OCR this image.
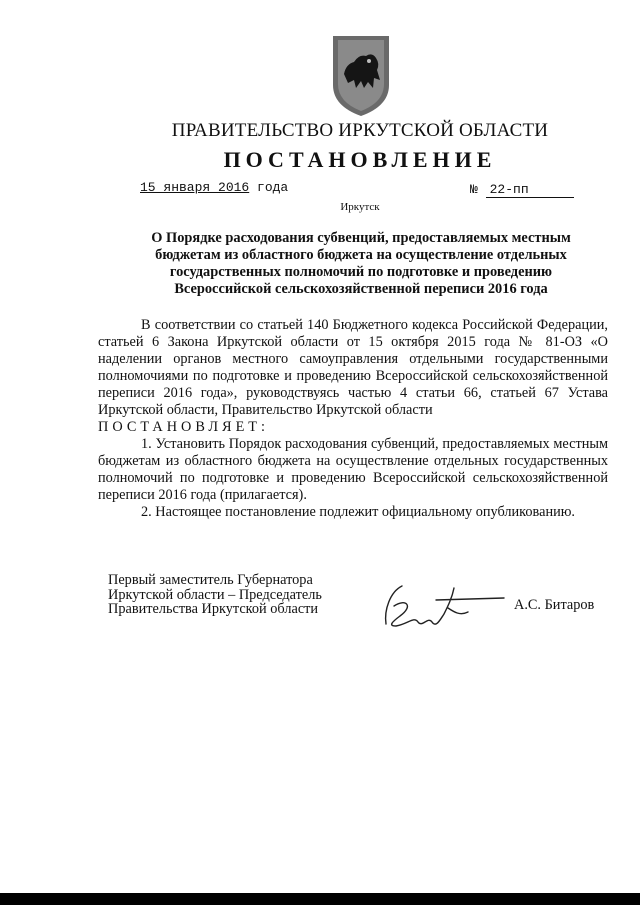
ПРАВИТЕЛЬСТВО ИРКУТСКОЙ ОБЛАСТИ
ПОСТАНОВЛЕНИЕ
15 января 2016 года	№ 22-пп
Иркутск
О Порядке расходования субвенций, предоставляемых местным бюджетам из областного бюджета на осуществление отдельных государственных полномочий по подготовке и проведению Всероссийской сельскохозяйственной переписи 2016 года

В соответствии со статьей 140 Бюджетного кодекса Российской Федерации, статьей 6 Закона Иркутской области от 15 октября 2015 года № 81-ОЗ «О наделении органов местного самоуправления отдельными государственными полномочиями по подготовке и проведению Всероссийской сельскохозяйственной переписи 2016 года», руководствуясь частью 4 статьи 66, статьей 67 Устава Иркутской области, Правительство Иркутской области

ПОСТАНОВЛЯЕТ:

1. Установить Порядок расходования субвенций, предоставляемых местным бюджетам из областного бюджета на осуществление отдельных государственных полномочий по подготовке и проведению Всероссийской сельскохозяйственной переписи 2016 года (прилагается).

2. Настоящее постановление подлежит официальному опубликованию.

Первый заместитель Губернатора
Иркутской области – Председатель
Правительства Иркутской области	А.С. Битаров
